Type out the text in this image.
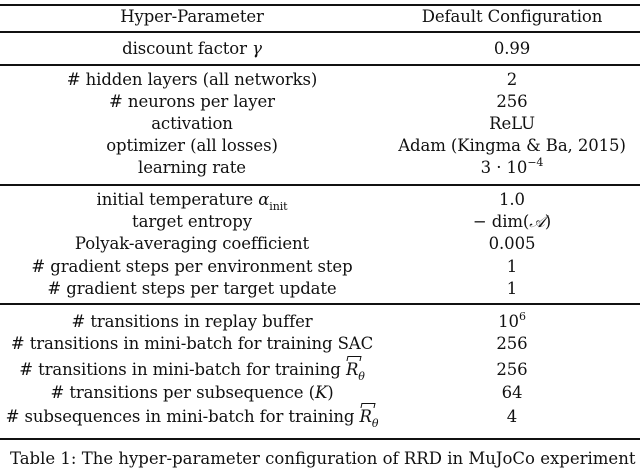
Hyper-Parameter	Default Configuration
discount factor γ	0.99
# hidden layers (all networks)	2
# neurons per layer	256
activation	ReLU
optimizer (all losses)	Adam (Kingma & Ba, 2015)
learning rate	$3 \cdot 10^{-4}$
initial temperature $\alpha_{init}$	1.0
target entropy	− dim(𝒜)
Polyak-averaging coefficient	0.005
# gradient steps per environment step	1
# gradient steps per target update	1
# transitions in replay buffer	$10^6$
# transitions in mini-batch for training SAC	256
# transitions in mini-batch for training $R_\theta$	256
# transitions per subsequence (K)	64
# subsequences in mini-batch for training $R_\theta$	4
Table 1: The hyper-parameter configuration of RRD in MuJoCo experiment
